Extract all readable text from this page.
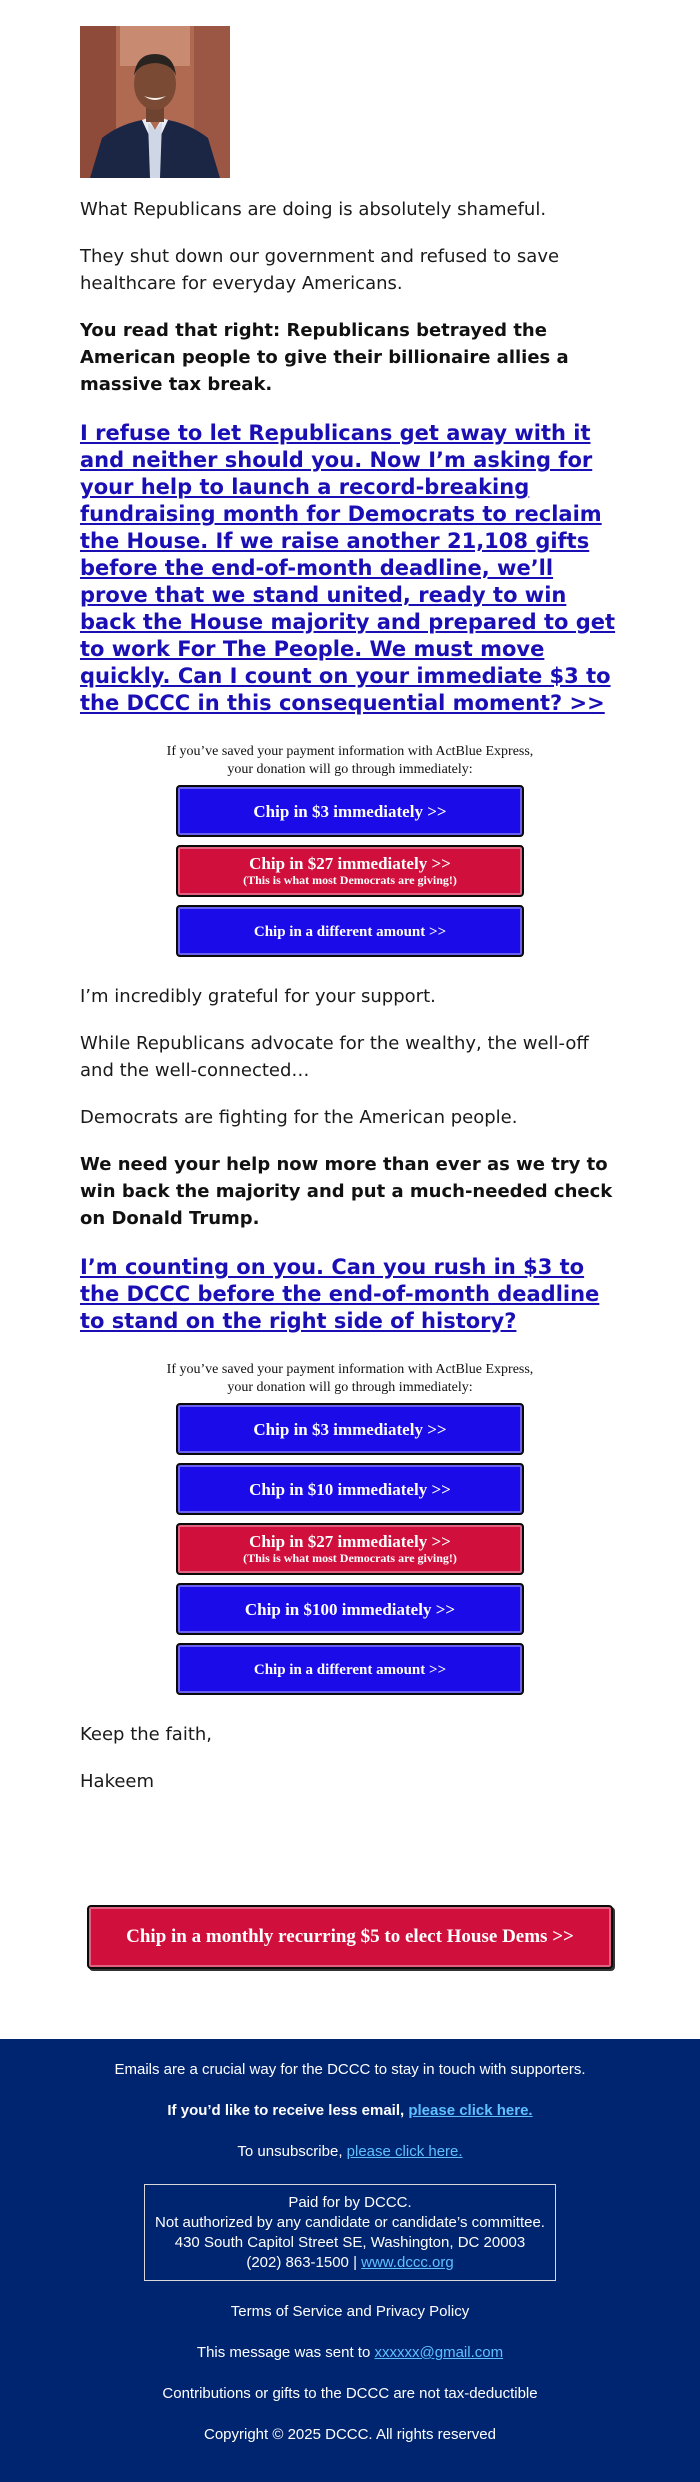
What Republicans are doing is absolutely shameful.

They shut down our government and refused to save healthcare for everyday Americans.

You read that right: Republicans betrayed the American people to give their billionaire allies a massive tax break.

I refuse to let Republicans get away with it and neither should you. Now I’m asking for your help to launch a record-breaking fundraising month for Democrats to reclaim the House. If we raise another 21,108 gifts before the end-of-month deadline, we’ll prove that we stand united, ready to win back the House majority and prepared to get to work For The People. We must move quickly. Can I count on your immediate $3 to the DCCC in this consequential moment? >>
If you’ve saved your payment information with ActBlue Express,
your donation will go through immediately:
Chip in $3 immediately >>
Chip in $27 immediately >>
(This is what most Democrats are giving!)
Chip in a different amount >>

I’m incredibly grateful for your support.

While Republicans advocate for the wealthy, the well-off and the well-connected…

Democrats are fighting for the American people.

We need your help now more than ever as we try to win back the majority and put a much-needed check on Donald Trump.

I’m counting on you. Can you rush in $3 to the DCCC before the end-of-month deadline to stand on the right side of history?
If you’ve saved your payment information with ActBlue Express,
your donation will go through immediately:
Chip in $3 immediately >>
Chip in $10 immediately >>
Chip in $27 immediately >>
(This is what most Democrats are giving!)
Chip in $100 immediately >>
Chip in a different amount >>

Keep the faith,

Hakeem

Chip in a monthly recurring $5 to elect House Dems >>
Emails are a crucial way for the DCCC to stay in touch with supporters.
If you’d like to receive less email, please click here.
To unsubscribe, please click here.
Paid for by DCCC.
Not authorized by any candidate or candidate’s committee.
430 South Capitol Street SE, Washington, DC 20003
(202) 863-1500 | www.dccc.org
Terms of Service and Privacy Policy
This message was sent to xxxxxx@gmail.com
Contributions or gifts to the DCCC are not tax-deductible
Copyright © 2025 DCCC. All rights reserved
